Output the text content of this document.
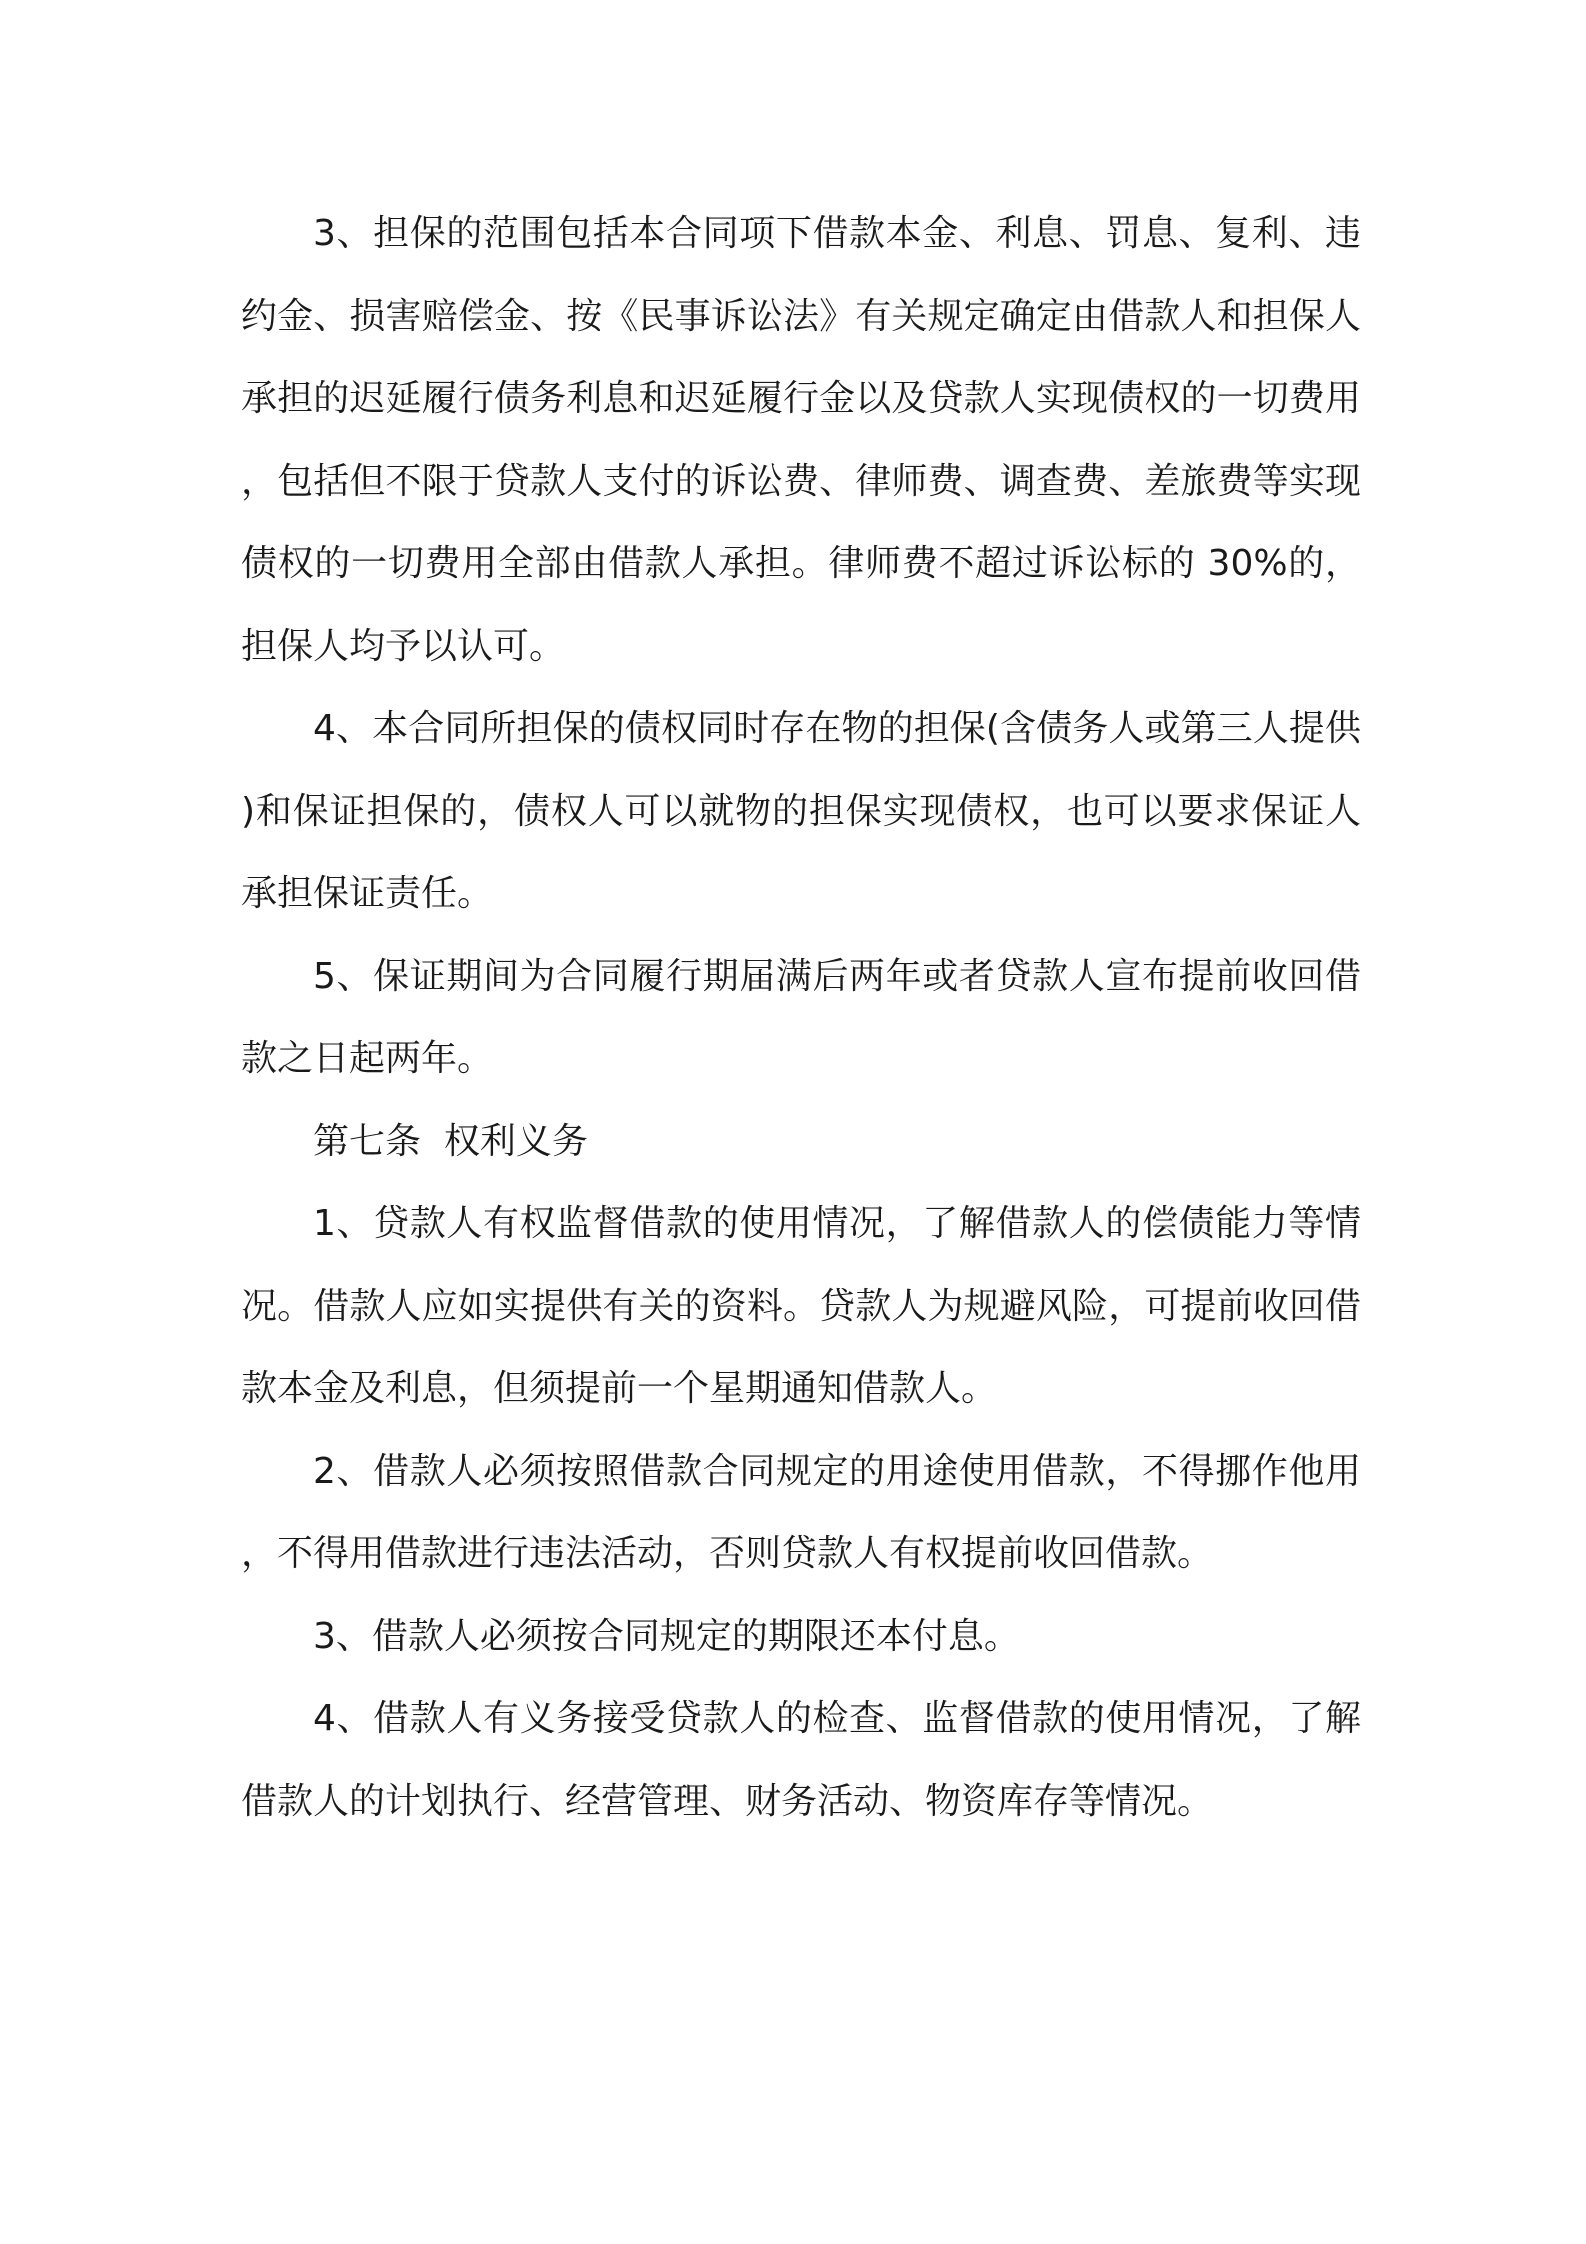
3、担保的范围包括本合同项下借款本金、利息、罚息、复利、违约金、损害赔偿金、按《民事诉讼法》有关规定确定由借款人和担保人承担的迟延履行债务利息和迟延履行金以及贷款人实现债权的一切费用，包括但不限于贷款人支付的诉讼费、律师费、调查费、差旅费等实现债权的一切费用全部由借款人承担。律师费不超过诉讼标的 30%的，担保人均予以认可。

4、本合同所担保的债权同时存在物的担保(含债务人或第三人提供)和保证担保的，债权人可以就物的担保实现债权，也可以要求保证人承担保证责任。

5、保证期间为合同履行期届满后两年或者贷款人宣布提前收回借款之日起两年。

第七条  权利义务

1、贷款人有权监督借款的使用情况，了解借款人的偿债能力等情况。借款人应如实提供有关的资料。贷款人为规避风险，可提前收回借款本金及利息，但须提前一个星期通知借款人。

2、借款人必须按照借款合同规定的用途使用借款，不得挪作他用，不得用借款进行违法活动，否则贷款人有权提前收回借款。

3、借款人必须按合同规定的期限还本付息。

4、借款人有义务接受贷款人的检查、监督借款的使用情况，了解借款人的计划执行、经营管理、财务活动、物资库存等情况。
